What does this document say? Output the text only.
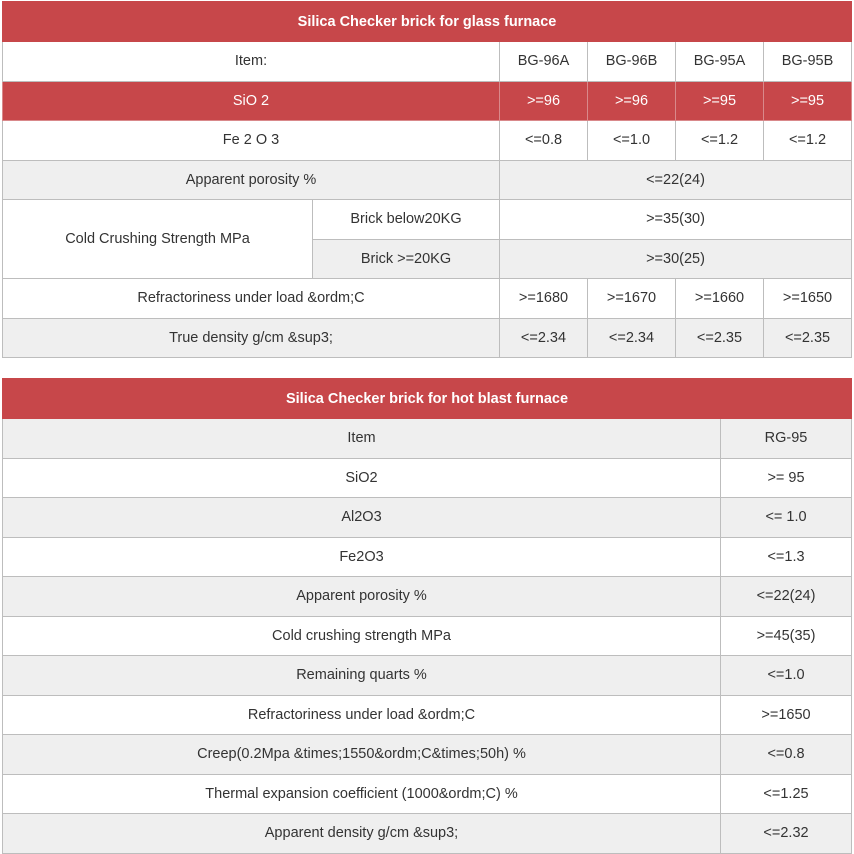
Silica Checker brick for glass furnace					
Item:		BG-96A	BG-96B	BG-95A	BG-95B
SiO 2		>=96	>=96	>=95	>=95
Fe 2 O 3		<=0.8	<=1.0	<=1.2	<=1.2
Apparent porosity %		<=22(24)			
Cold Crushing Strength MPa	Brick below20KG	>=35(30)			
	Brick >=20KG	>=30(25)			
Refractoriness under load &ordm;C		>=1680	>=1670	>=1660	>=1650
True density g/cm &sup3;		<=2.34	<=2.34	<=2.35	<=2.35
Silica Checker brick for hot blast furnace	
Item	RG-95
SiO2	>= 95
Al2O3	<= 1.0
Fe2O3	<=1.3
Apparent porosity %	<=22(24)
Cold crushing strength MPa	>=45(35)
Remaining quarts %	<=1.0
Refractoriness under load &ordm;C	>=1650
Creep(0.2Mpa &times;1550&ordm;C&times;50h) %	<=0.8
Thermal expansion coefficient (1000&ordm;C) %	<=1.25
Apparent density g/cm &sup3;	<=2.32
